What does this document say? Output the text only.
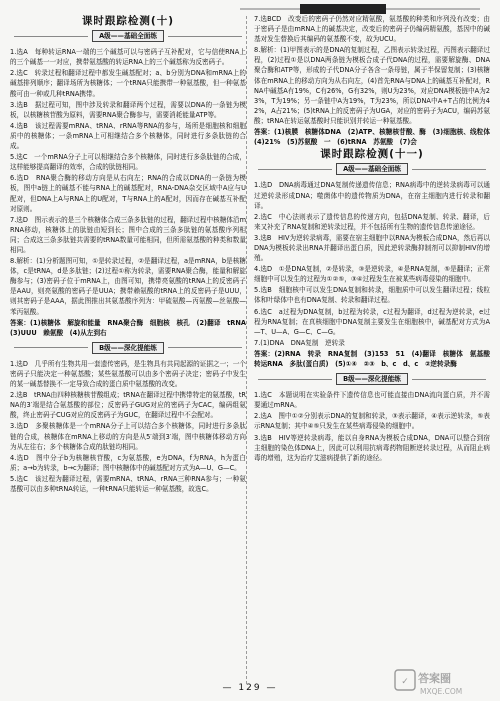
课时跟踪检测(十)
A级——基础全面练

1.选A　每种转运RNA一端的三个碱基可以与密码子互补配对，它与信使RNA上的三个碱基一一对应，携带氨基酸的转运RNA上的三个碱基称为反密码子。

2.选C　转录过程和翻译过程中都发生碱基配对；a、b分别为DNA和mRNA上的碱基排列顺序；翻译场所为核糖体；一个tRNA只能携带一种氨基酸，但一种氨基酸可由一种或几种tRNA携带。

3.选B　据过程可知，图中涉及转录和翻译两个过程，需要以DNA的一条链为模板，以核糖核苷酸为原料，需要RNA聚合酶参与，需要消耗能量ATP等。

4.选B　该过程需要mRNA、tRNA、rRNA等RNA的参与，场所是细胞核和细胞质中的核糖体；一条mRNA上可相继结合多个核糖体，同时进行多条肽链的合成。

5.选C　一个mRNA分子上可以相继结合多个核糖体，同时进行多条肽链的合成，这样能够提高翻译的效率，合成的肽链相同。

6.选D　RNA聚合酶的移动方向是从右向左；RNA的合成以DNA的一条链为模板，图中a链上的碱基不能与RNA上的碱基配对，RNA-DNA杂交区域中A应与U配对，但DNA上A与RNA上的U配对，T与RNA上的A配对，因而存在碱基互补配对原则。

7.选D　图示表示的是三个核糖体合成三条多肽链的过程，翻译过程中核糖体沿mRNA移动，核糖体上的肽链由短到长；图中合成的三条多肽链的氨基酸序列相同；合成这三条多肽链共需要的tRNA数量可能相同，但所需氨基酸的种类和数量相同。

8.解析：(1)分析题图可知，①是转录过程，②是翻译过程，a是mRNA，b是核糖体，c是tRNA，d是多肽链；(2)过程①称为转录，需要RNA聚合酶，能量和解旋酶参与；(3)密码子位于mRNA上，由图可知，携带亮氨酸的tRNA上的反密码子是AAU，则亮氨酸的密码子是UUA；携带赖氨酸的tRNA上的反密码子是UUU，则其密码子是AAA，据此图推出其氨基酸序列为：甲硫氨酸—丙氨酸—丝氨酸—苯丙氨酸。

答案：(1)核糖体　解旋和能量　RNA聚合酶　细胞核　核孔　(2)翻译　tRNA　(3)UUU　赖氨酸　(4)从左到右

B级——深化提能练

1.选D　几乎所有生物共用一套遗传密码，是生物具有共同起源的证据之一；一个密码子只能决定一种氨基酸；某些氨基酸可以由多个密码子决定；密码子中发生的某一碱基替换不一定导致合成的蛋白质中氨基酸的改变。

2.选B　tRNA由四种核糖核苷酸组成；tRNA在翻译过程中携带特定的氨基酸，tRNA的3′端是结合氨基酸的部位；反密码子GUG对应的密码子为CAC，编码组氨酸，终止密码子CUG对应的反密码子为GUC，在翻译过程中不会配对。

3.选D　多聚核糖体是一个mRNA分子上可以结合多个核糖体，同时进行多条肽链的合成，核糖体在mRNA上移动的方向是从5′端到3′端，图中核糖体移动方向为从左往右；多个核糖体合成的肽链均相同。

4.选D　图中分子b为核糖核苷酸，c为氨基酸，e为DNA，f为RNA，h为蛋白质；a→b为转录，b→c为翻译；图中核糖体中的碱基配对方式为A—U、G—C。

5.选C　该过程为翻译过程，需要mRNA、tRNA、rRNA三种RNA参与；一种氨基酸可以由多种tRNA转运，一种tRNA只能转运一种氨基酸，故选C。

7.选BCD　改变后的密码子仍然对应精氨酸，氨基酸的种类和序列没有改变；由于密码子是由mRNA上的碱基决定，改变后的密码子仍编码精氨酸，基因中的碱基对发生替换后其编码的氨基酸不变，故为UCU。

8.解析：(1)甲图表示的是DNA的复制过程，乙图表示转录过程，丙图表示翻译过程，(2)过程①是以DNA两条链为模板合成子代DNA的过程，需要解旋酶、DNA聚合酶和ATP等，形成的子代DNA分子各含一条母链，属于半保留复制；(3)核糖体在mRNA上的移动方向为从右向左，(4)首先RNA与DNA上的碱基互补配对，RNA中碱基A有19%，C有26%，G有32%，则U为23%，对应DNA模板链中A为23%，T为19%；另一条链中A为19%，T为23%，所以DNA中A+T占的比例为42%，A占21%；(5)tRNA上的反密码子为UGA，对应的密码子为ACU，编码苏氨酸；tRNA在转运氨基酸时只能识别并转运一种氨基酸。

答案：(1)核膜　核糖体DNA　(2)ATP、核糖核苷酸、酶　(3)细胞核、线粒体　(4)21%　(5)苏氨酸　一　(6)tRNA　苏氨酸　(7)会

课时跟踪检测(十一)
A级——基础全面练

1.选D　DNA病毒通过DNA复制传递遗传信息；RNA病毒中的逆转录病毒可以通过逆转录形成DNA；噬菌体中的遗传物质为DNA，在宿主细胞内进行转录和翻译。

2.选C　中心法则表示了遗传信息的传递方向，包括DNA复制、转录、翻译，后来又补充了RNA复制和逆转录过程，并不包括所有生物的遗传信息传递途径。

3.选B　HIV为逆转录病毒，需要在宿主细胞中以RNA为模板合成DNA，然后再以DNA为模板转录出RNA并翻译出蛋白质，因此逆转录酶抑制剂可以抑制HIV的增殖。

4.选D　①是DNA复制，②是转录，③是逆转录，④是RNA复制，⑤是翻译；正常细胞中可以发生的过程为①②⑤，③④过程发生在被某些病毒侵染的细胞中。

5.选B　细胞核中可以发生DNA复制和转录，细胞质中可以发生翻译过程；线粒体和叶绿体中也有DNA复制、转录和翻译过程。

6.选C　a过程为DNA复制，b过程为转录，c过程为翻译，d过程为逆转录，e过程为RNA复制；在真核细胞中DNA复制主要发生在细胞核中，碱基配对方式为A—T、U—A、G—C、C—G。

7.(1)DNA　DNA复制　逆转录

答案：(2)RNA　转录　RNA复制　(3)153　51　(4)翻译　核糖体　氨基酸　转运RNA　多肽(蛋白质)　(5)①④　②③　b、c　d、c　②逆转录酶

B级——深化提能练

1.选C　本题说明在实验条件下遗传信息也可能直接由DNA流向蛋白质，并不需要通过mRNA。

2.选A　图中①②分别表示DNA的复制和转录，③表示翻译，④表示逆转录，⑤表示RNA复制；其中④⑤只发生在某些病毒侵染的细胞中。

3.选B　HIV等逆转录病毒，能以自身RNA为模板合成DNA，DNA可以整合到宿主细胞的染色体DNA上，因此可以利用抗病毒药物阻断逆转录过程，从而阻止病毒的增殖，这为治疗艾滋病提供了新的途径。

— 129 —
✓ 答案圈
MXQE.COM
